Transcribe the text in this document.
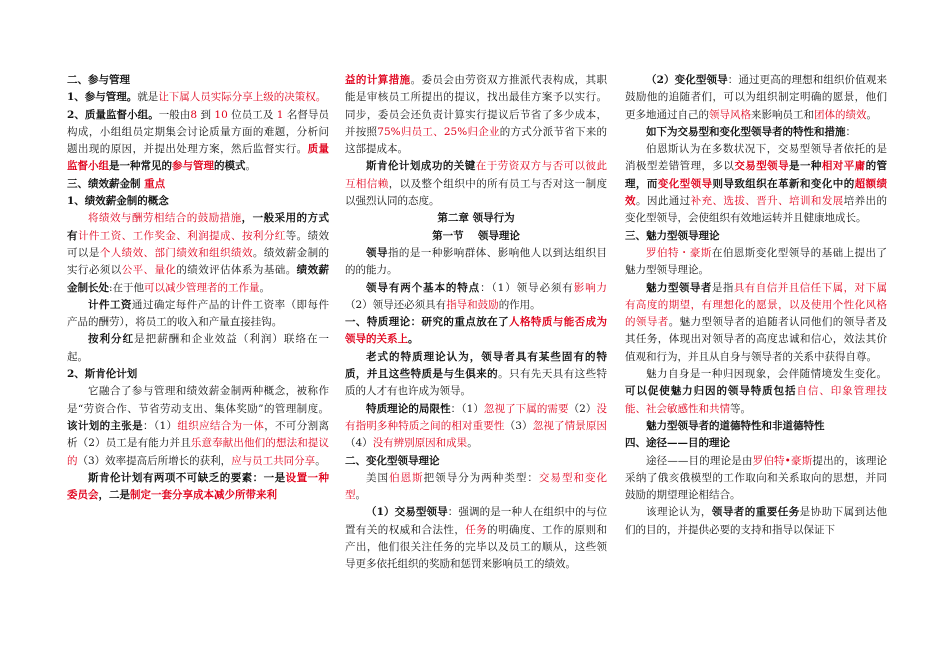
二、参与管理

1、参与管理。就是让下属人员实际分享上级的决策权。

2、质量监督小组。一般由8 到 10 位员工及 1 名督导员构成，小组组员定期集会讨论质量方面的难题，分析问题出现的原因，并提出处理方案，然后监督实行。质量监督小组是一种常见的参与管理的模式。

三、绩效薪金制 重点

1、绩效薪金制的概念

将绩效与酬劳相结合的鼓励措施，一般采用的方式有计件工资、工作奖金、利润提成、按利分红等。绩效可以是个人绩效、部门绩效和组织绩效。绩效薪金制的实行必须以公平、量化的绩效评估体系为基础。绩效薪金制长处:在于他可以减少管理者的工作量。

计件工资通过确定每件产品的计件工资率（即每件产品的酬劳），将员工的收入和产量直接挂钩。

按利分红是把薪酬和企业效益（利润）联络在一起。

2、斯肯伦计划

它融合了参与管理和绩效薪金制两种概念，被称作是“劳资合作、节省劳动支出、集体奖励”的管理制度。该计划的主张是：（1）组织应结合为一体，不可分割离析（2）员工是有能力并且乐意奉献出他们的想法和提议的（3）效率提高后所增长的获利，应与员工共同分享。

斯肯伦计划有两项不可缺乏的要素：一是设置一种委员会，二是制定一套分享成本减少所带来利

益的计算措施。委员会由劳资双方推派代表构成，其职能是审核员工所提出的提议，找出最佳方案予以实行。同步，委员会还负责计算实行提议后节省了多少成本，并按照75%归员工、25%归企业的方式分派节省下来的这部提成本。

斯肯伦计划成功的关键在于劳资双方与否可以彼此互相信赖，以及整个组织中的所有员工与否对这一制度以强烈认同的态度。

第二章 领导行为

第一节　 领导理论

领导指的是一种影响群体、影响他人以到达组织目的的能力。

领导有两个基本的特点：（1）领导必须有影响力（2）领导还必须具有指导和鼓励的作用。

一、特质理论：研究的重点放在了人格特质与能否成为领导的关系上。

老式的特质理论认为，领导者具有某些固有的特质，并且这些特质是与生俱来的。只有先天具有这些特质的人才有也许成为领导。

特质理论的局限性：（1）忽视了下属的需要（2）没有指明多种特质之间的相对重要性（3）忽视了情景原因（4）没有辨别原因和成果。

二、变化型领导理论

美国伯恩斯把领导分为两种类型：交易型和变化型。

（1）交易型领导：强调的是一种人在组织中的与位置有关的权威和合法性，任务的明确度、工作的原则和产出，他们很关注任务的完毕以及员工的顺从，这些领导更多依托组织的奖励和惩罚来影响员工的绩效。

（2）变化型领导：通过更高的理想和组织价值观来鼓励他的追随者们，可以为组织制定明确的愿景，他们更多地通过自己的领导风格来影响员工和团体的绩效。

如下为交易型和变化型领导者的特性和措施：

伯恩斯认为在多数状况下，交易型领导者依托的是消极型差错管理，多以交易型领导是一种相对平庸的管理，而变化型领导则导致组织在革新和变化中的超额绩效。因此通过补充、选拔、晋升、培训和发展培养出的变化型领导，会使组织有效地运转并且健康地成长。

三、魅力型领导理论

罗伯特・豪斯在伯恩斯变化型领导的基础上提出了魅力型领导理论。

魅力型领导者是指具有自信并且信任下属，对下属有高度的期望，有理想化的愿景，以及使用个性化风格的领导者。魅力型领导者的追随者认同他们的领导者及其任务，体现出对领导者的高度忠诚和信心，效法其价值观和行为，并且从自身与领导者的关系中获得自尊。

魅力自身是一种归因现象，会伴随情境发生变化。可以促使魅力归因的领导特质包括自信、印象管理技能、社会敏感性和共情等。

魅力型领导者的道德特性和非道德特性

四、途径——目的理论

途径——目的理论是由罗伯特•豪斯提出的，该理论采纳了俄亥俄模型的工作取向和关系取向的思想，并同鼓励的期望理论相结合。

该理论认为，领导者的重要任务是协助下属到达他们的目的，并提供必要的支持和指导以保证下
